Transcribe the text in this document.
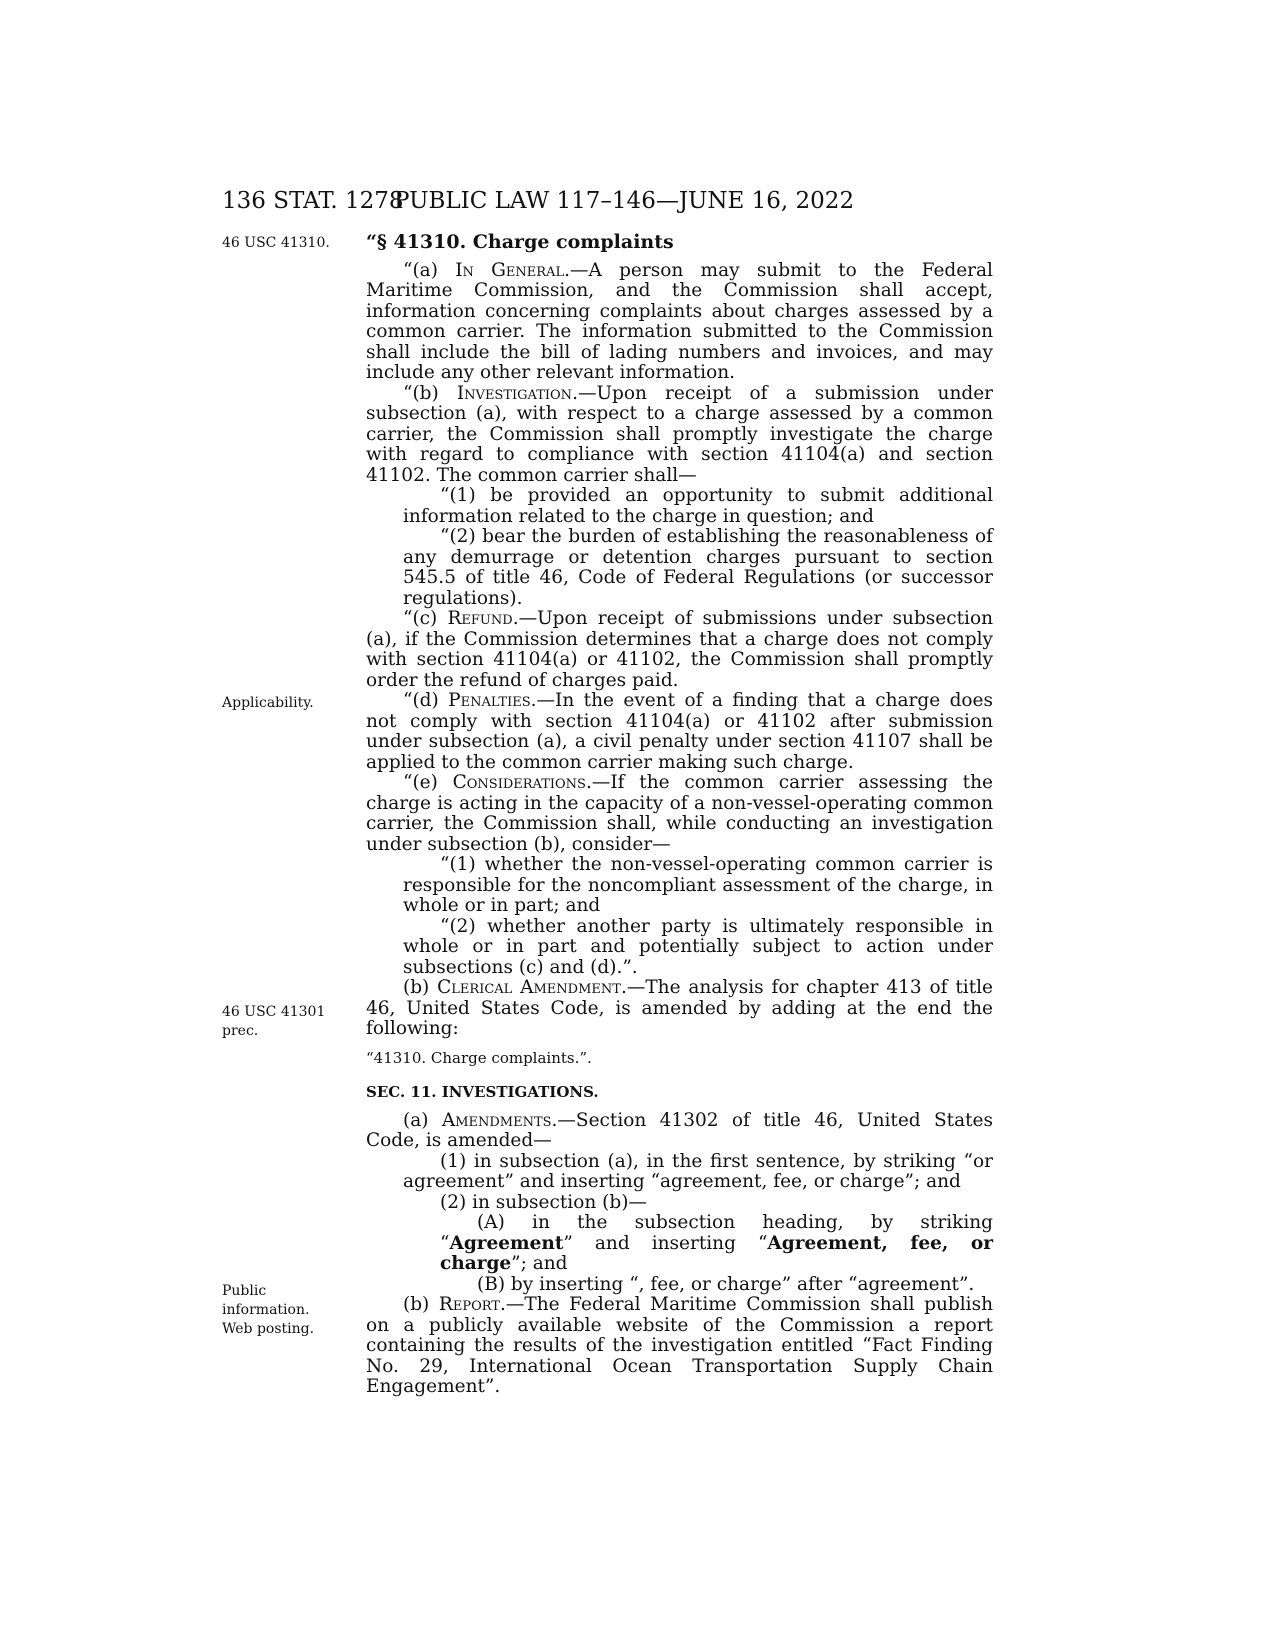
136 STAT. 1278
PUBLIC LAW 117–146—JUNE 16, 2022
46 USC 41310.
Applicability.
46 USC 41301 prec.
Public information. Web posting.

“§ 41310. Charge complaints

“(a) In General.—A person may submit to the Federal Maritime Commission, and the Commission shall accept, information concerning complaints about charges assessed by a common carrier. The information submitted to the Commission shall include the bill of lading numbers and invoices, and may include any other relevant information.

“(b) Investigation.—Upon receipt of a submission under subsection (a), with respect to a charge assessed by a common carrier, the Commission shall promptly investigate the charge with regard to compliance with section 41104(a) and section 41102. The common carrier shall—

“(1) be provided an opportunity to submit additional information related to the charge in question; and

“(2) bear the burden of establishing the reasonableness of any demurrage or detention charges pursuant to section 545.5 of title 46, Code of Federal Regulations (or successor regulations).

“(c) Refund.—Upon receipt of submissions under subsection (a), if the Commission determines that a charge does not comply with section 41104(a) or 41102, the Commission shall promptly order the refund of charges paid.

“(d) Penalties.—In the event of a finding that a charge does not comply with section 41104(a) or 41102 after submission under subsection (a), a civil penalty under section 41107 shall be applied to the common carrier making such charge.

“(e) Considerations.—If the common carrier assessing the charge is acting in the capacity of a non-vessel-operating common carrier, the Commission shall, while conducting an investigation under subsection (b), consider—

“(1) whether the non-vessel-operating common carrier is responsible for the noncompliant assessment of the charge, in whole or in part; and

“(2) whether another party is ultimately responsible in whole or in part and potentially subject to action under subsections (c) and (d).”.

(b) Clerical Amendment.—The analysis for chapter 413 of title 46, United States Code, is amended by adding at the end the following:

“41310. Charge complaints.”.

SEC. 11. INVESTIGATIONS.

(a) Amendments.—Section 41302 of title 46, United States Code, is amended—

(1) in subsection (a), in the first sentence, by striking “or agreement” and inserting “agreement, fee, or charge”; and

(2) in subsection (b)—

(A) in the subsection heading, by striking “Agreement” and inserting “Agreement, fee, or charge”; and

(B) by inserting “, fee, or charge” after “agreement”.

(b) Report.—The Federal Maritime Commission shall publish on a publicly available website of the Commission a report containing the results of the investigation entitled “Fact Finding No. 29, International Ocean Transportation Supply Chain Engagement”.
